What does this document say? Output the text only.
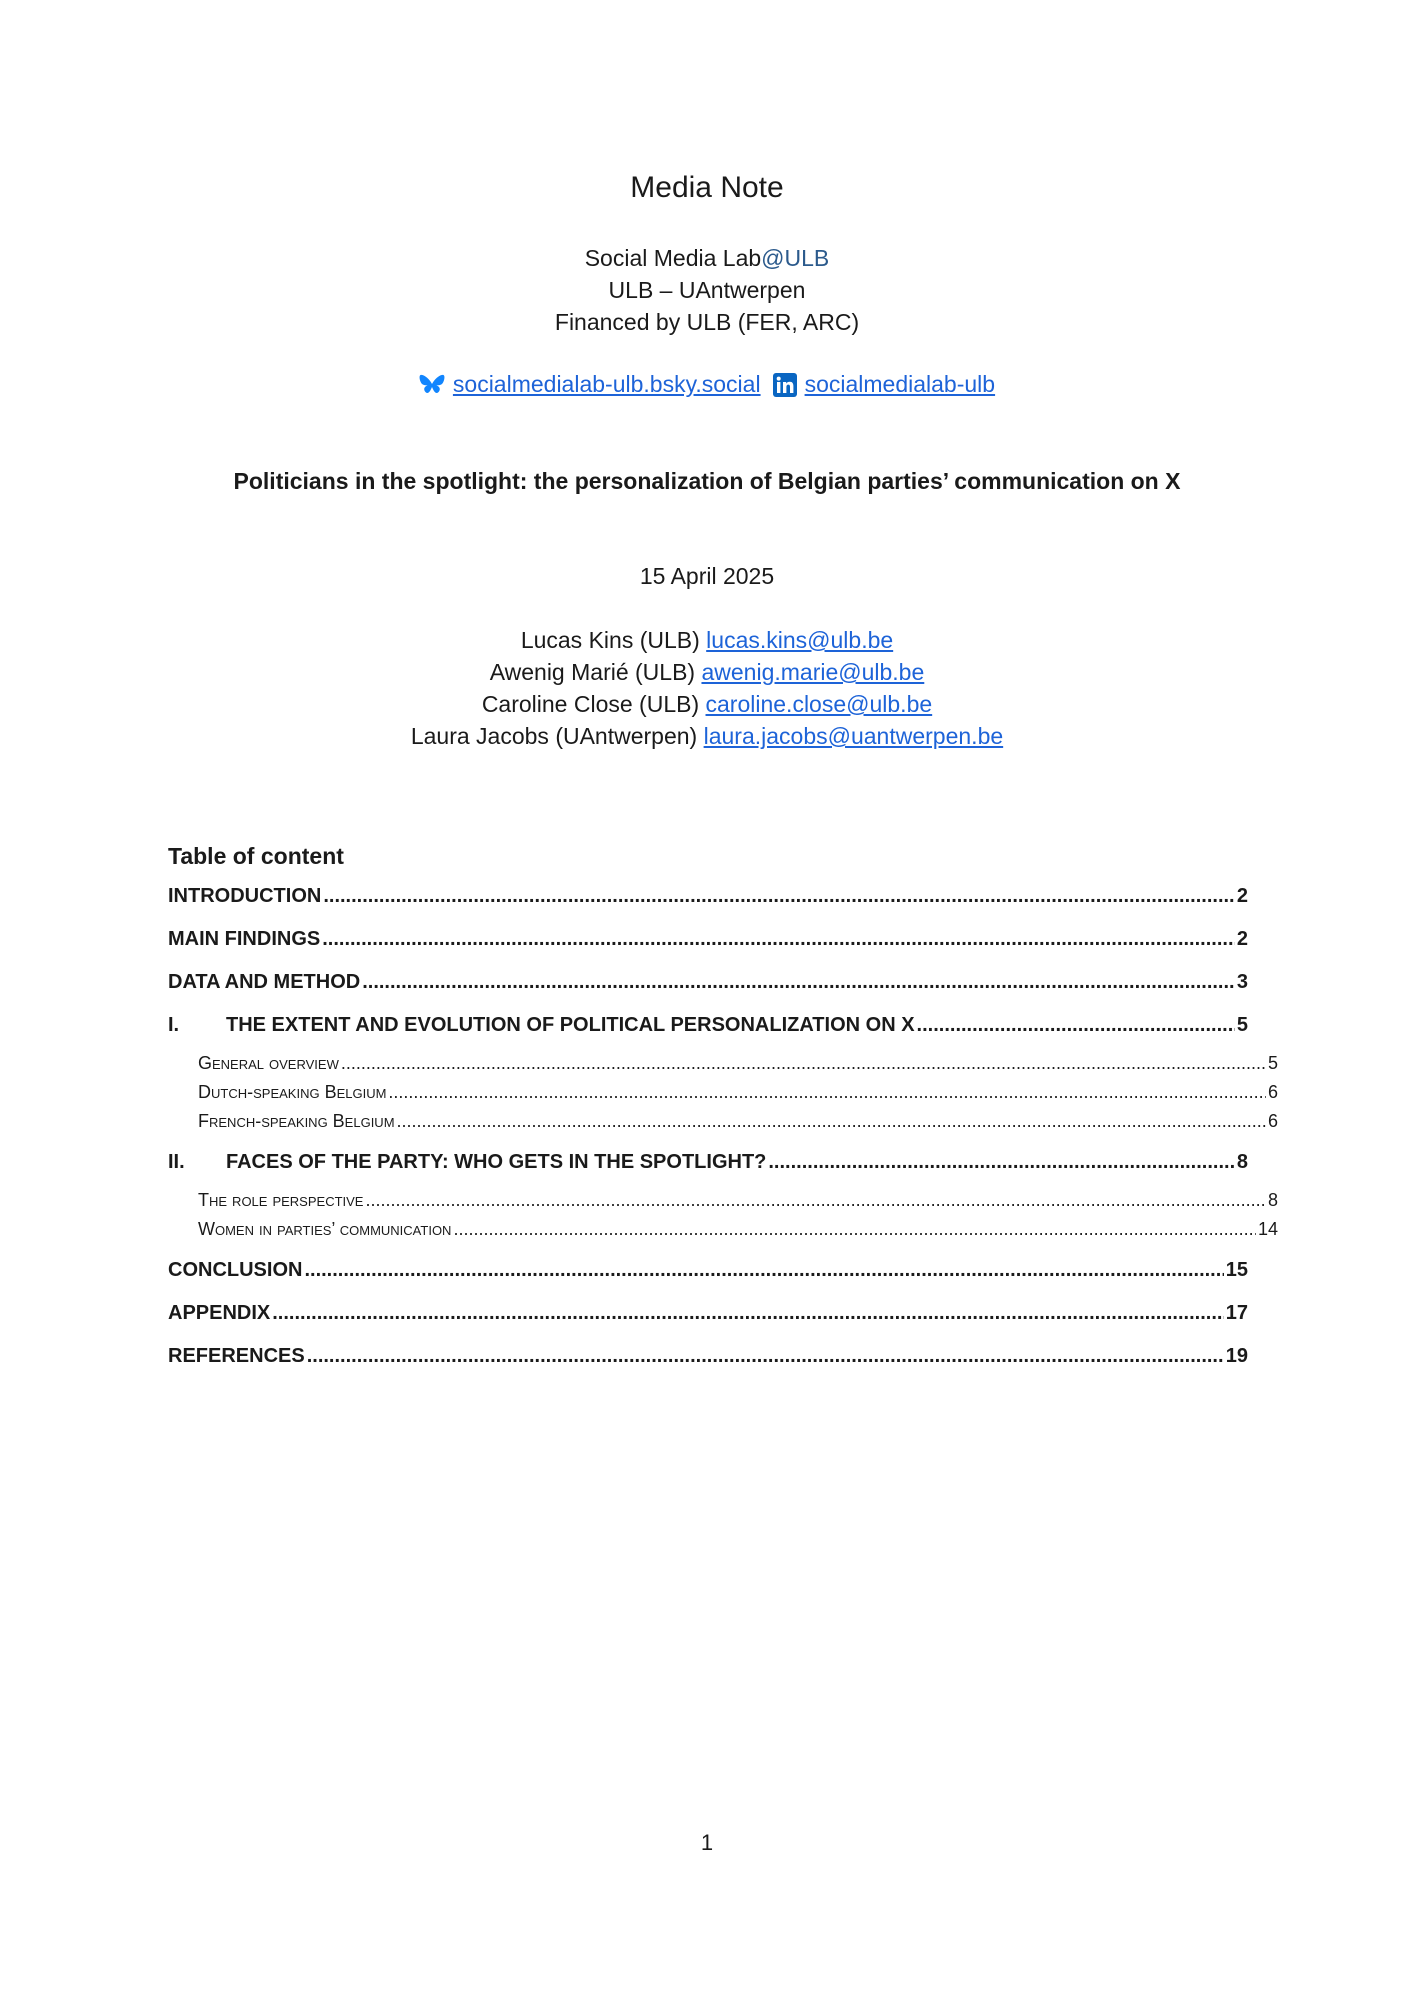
Media Note
Social Media Lab@ULB
ULB – UAntwerpen
Financed by ULB (FER, ARC)
socialmedialab-ulb.bsky.social socialmedialab-ulb
Politicians in the spotlight: the personalization of Belgian parties’ communication on X
15 April 2025
Lucas Kins (ULB) lucas.kins@ulb.be
Awenig Marié (ULB) awenig.marie@ulb.be
Caroline Close (ULB) caroline.close@ulb.be
Laura Jacobs (UAntwerpen) laura.jacobs@uantwerpen.be
Table of content
INTRODUCTION .....	2
MAIN FINDINGS .....	2
DATA AND METHOD .....	3
I.	THE EXTENT AND EVOLUTION OF POLITICAL PERSONALIZATION ON X .....	5
General overview .....	5
Dutch-speaking Belgium .....	6
French-speaking Belgium .....	6
II.	FACES OF THE PARTY: WHO GETS IN THE SPOTLIGHT? .....	8
The role perspective .....	8
Women in parties’ communication .....	14
CONCLUSION .....	15
APPENDIX .....	17
REFERENCES .....	19
1
